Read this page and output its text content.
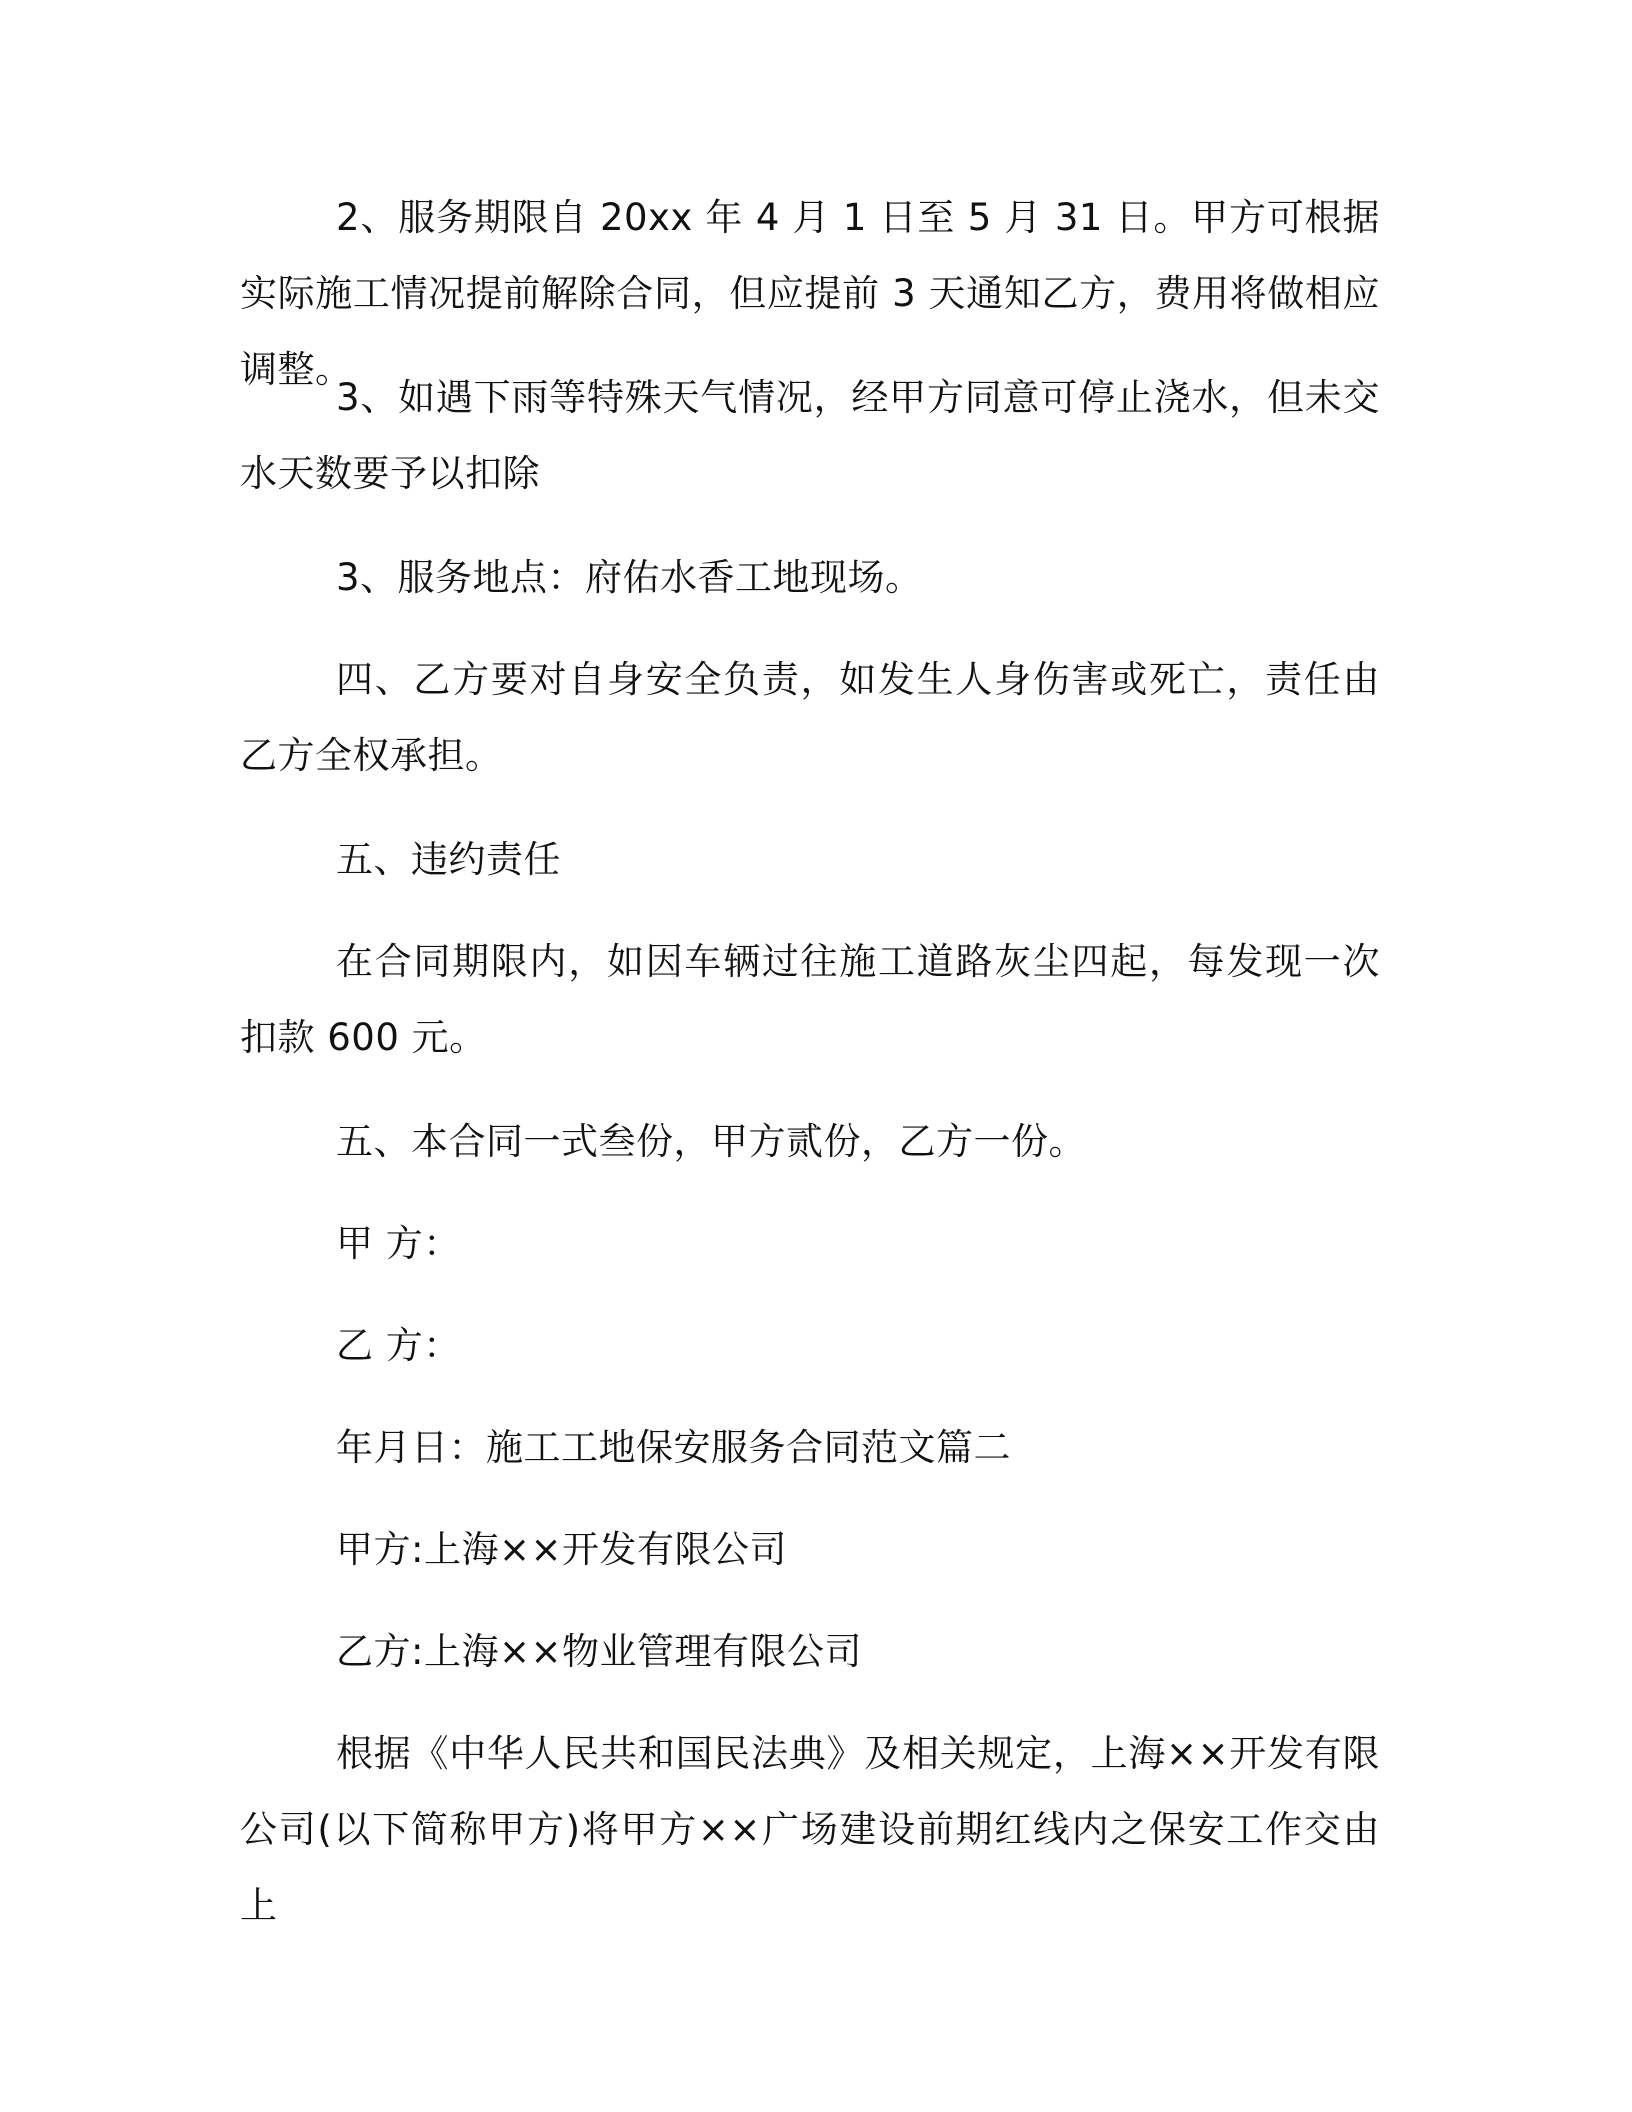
2、服务期限自 20xx 年 4 月 1 日至 5 月 31 日。甲方可根据实际施工情况提前解除合同，但应提前 3 天通知乙方，费用将做相应调整。

3、如遇下雨等特殊天气情况，经甲方同意可停止浇水，但未交水天数要予以扣除

3、服务地点：府佑水香工地现场。

四、乙方要对自身安全负责，如发生人身伤害或死亡，责任由乙方全权承担。

五、违约责任

在合同期限内，如因车辆过往施工道路灰尘四起，每发现一次 扣款 600 元。

五、本合同一式叁份，甲方贰份，乙方一份。

甲 方：

乙 方：

年月日：施工工地保安服务合同范文篇二

甲方:上海××开发有限公司

乙方:上海××物业管理有限公司

根据《中华人民共和国民法典》及相关规定，上海××开发有限公司(以下简称甲方)将甲方××广场建设前期红线内之保安工作交由上
